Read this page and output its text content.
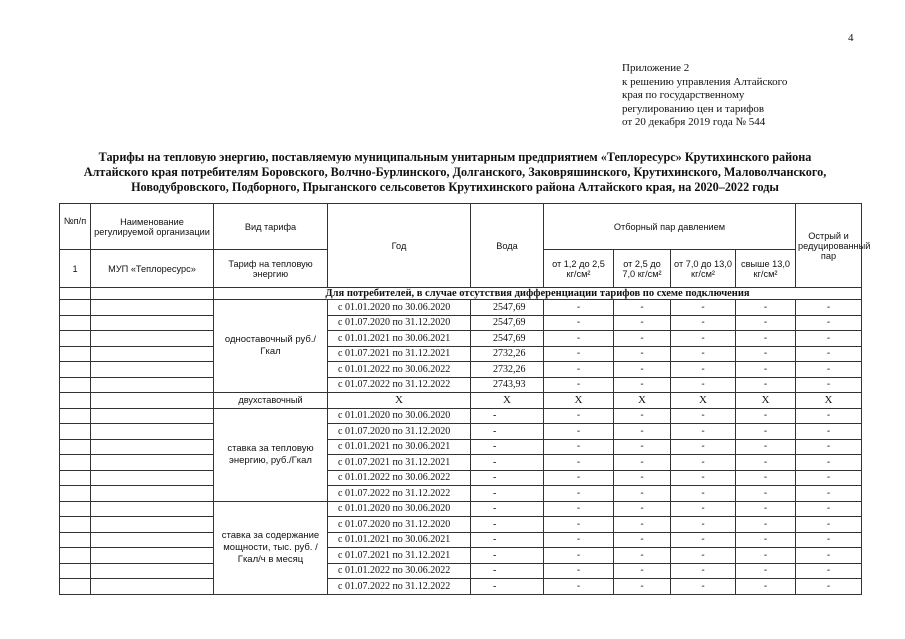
4
Приложение 2
к решению управления Алтайского
края по государственному
регулированию цен и тарифов
от 20 декабря 2019 года № 544
Тарифы на тепловую энергию, поставляемую муниципальным унитарным предприятием «Теплоресурс» Крутихинского района
Алтайского края потребителям Боровского, Волчно-Бурлинского, Долганского, Заковряшинского, Крутихинского, Маловолчанского,
Новодубровского, Подборного, Прыганского сельсоветов Крутихинского района Алтайского края, на 2020–2022 годы
№п/п	Наименование регулируемой организации	Вид тарифа	Год	Вода	Отборный пар давлением				Острый и редуцированный пар
1	МУП «Теплоресурс»	Тариф на тепловую энергию			от 1,2 до 2,5 кг/см²	от 2,5 до 7,0 кг/см²	от 7,0 до 13,0 кг/см²	свыше 13,0 кг/см²	
		Для потребителей, в случае отсутствия дифференциации тарифов по схеме подключения							
		одноставочный руб./Гкал	с 01.01.2020 по 30.06.2020	2547,69	-	-	-	-	-
			с 01.07.2020 по 31.12.2020	2547,69	-	-	-	-	-
			с 01.01.2021 по 30.06.2021	2547,69	-	-	-	-	-
			с 01.07.2021 по 31.12.2021	2732,26	-	-	-	-	-
			с 01.01.2022 по 30.06.2022	2732,26	-	-	-	-	-
			с 01.07.2022 по 31.12.2022	2743,93	-	-	-	-	-
		двухставочный	Х	Х	Х	Х	Х	Х	Х
		ставка за тепловую энергию, руб./Гкал	с 01.01.2020 по 30.06.2020	-	-	-	-	-	-
			с 01.07.2020 по 31.12.2020	-	-	-	-	-	-
			с 01.01.2021 по 30.06.2021	-	-	-	-	-	-
			с 01.07.2021 по 31.12.2021	-	-	-	-	-	-
			с 01.01.2022 по 30.06.2022	-	-	-	-	-	-
			с 01.07.2022 по 31.12.2022	-	-	-	-	-	-
		ставка за содержание мощности, тыс. руб. /Гкал/ч в месяц	с 01.01.2020 по 30.06.2020	-	-	-	-	-	-
			с 01.07.2020 по 31.12.2020	-	-	-	-	-	-
			с 01.01.2021 по 30.06.2021	-	-	-	-	-	-
			с 01.07.2021 по 31.12.2021	-	-	-	-	-	-
			с 01.01.2022 по 30.06.2022	-	-	-	-	-	-
			с 01.07.2022 по 31.12.2022	-	-	-	-	-	-
